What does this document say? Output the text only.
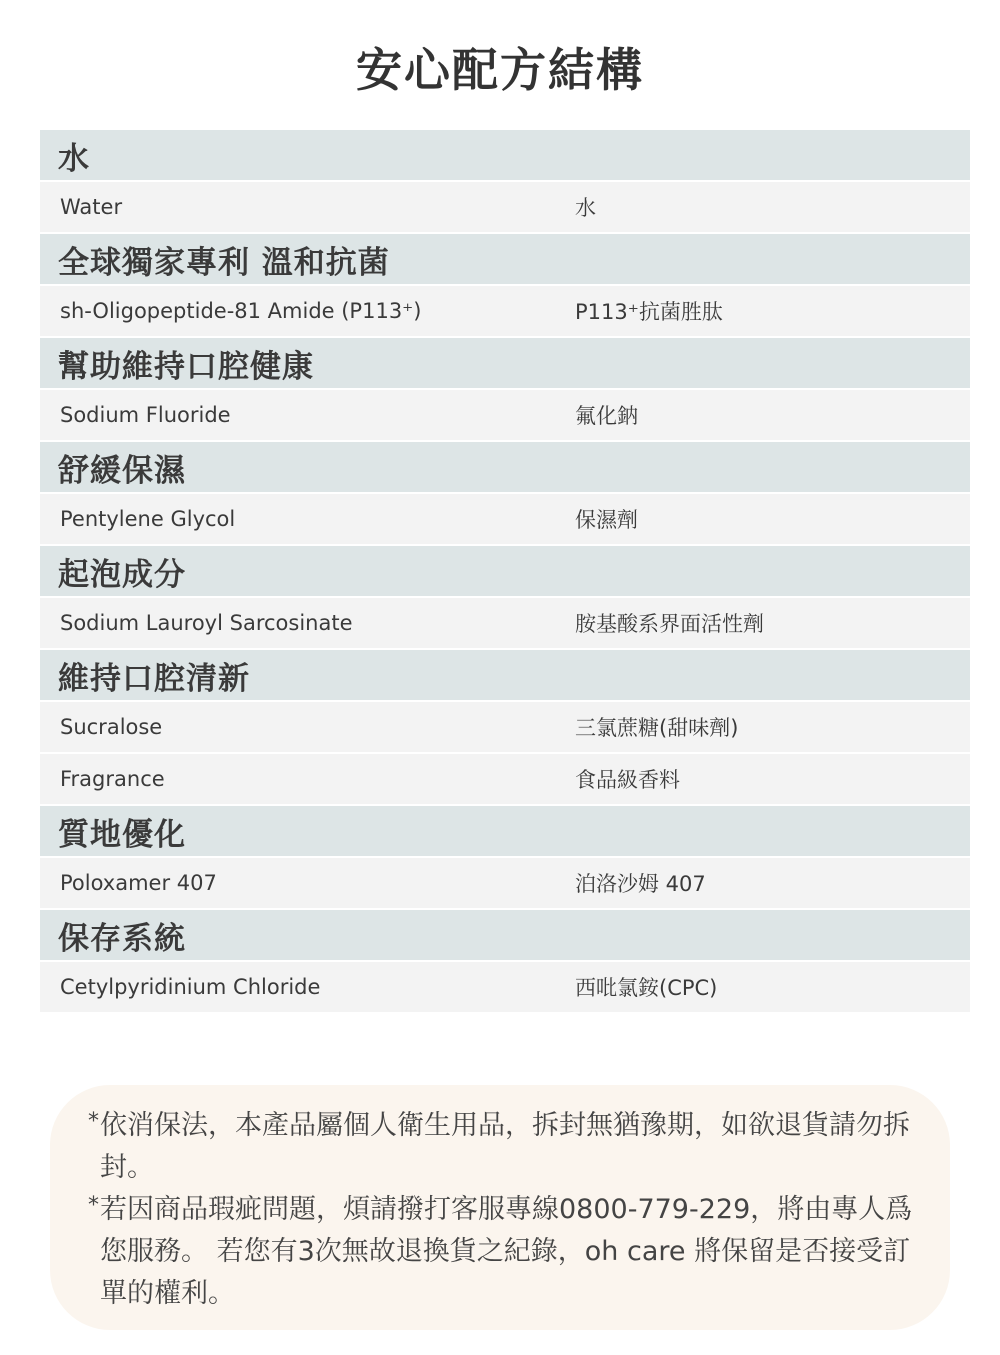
安心配方結構
水
Water	水
全球獨家專利 溫和抗菌
sh-Oligopeptide-81 Amide (P113⁺)	P113⁺抗菌胜肽
幫助維持口腔健康
Sodium Fluoride	氟化鈉
舒緩保濕
Pentylene Glycol	保濕劑
起泡成分
Sodium Lauroyl Sarcosinate	胺基酸系界面活性劑
維持口腔清新
Sucralose	三氯蔗糖(甜味劑)
Fragrance	食品級香料
質地優化
Poloxamer 407	泊洛沙姆 407
保存系統
Cetylpyridinium Chloride	西吡氯銨(CPC)
* 依消保法，本產品屬個人衛生用品，拆封無猶豫期，如欲退貨請勿拆封。
* 若因商品瑕疵問題，煩請撥打客服專線0800-779-229，將由專人爲您服務。 若您有3次無故退換貨之紀錄，oh care 將保留是否接受訂單的權利。
